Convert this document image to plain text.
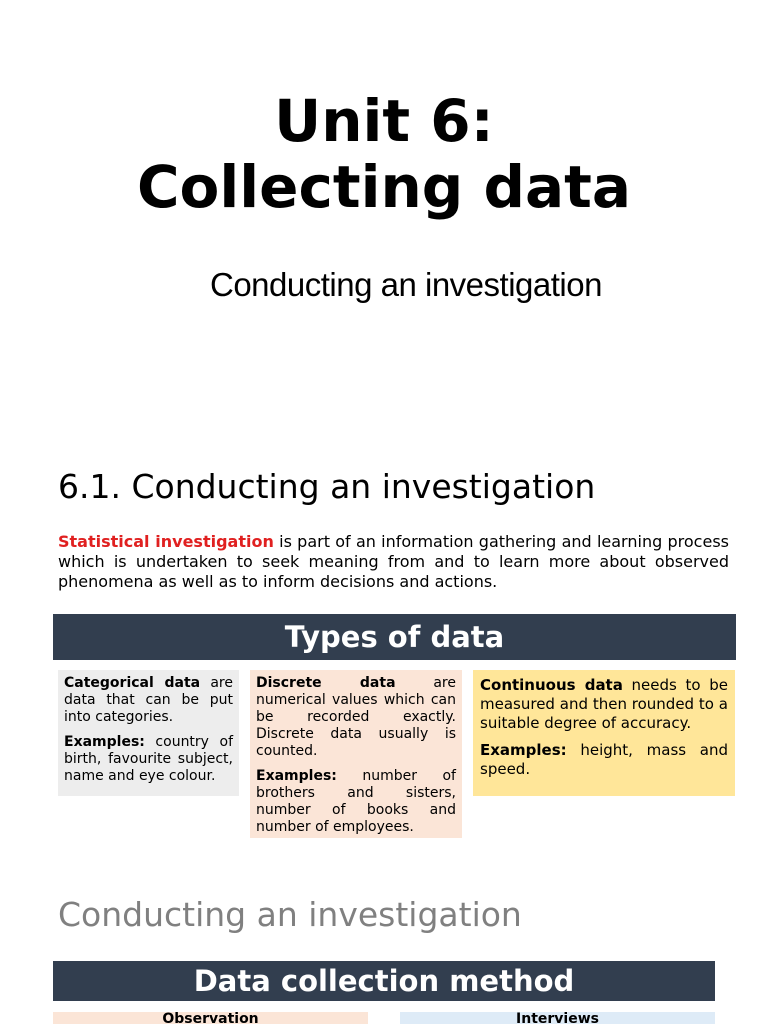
Unit 6:
Collecting data
Conducting an investigation
6.1. Conducting an investigation

Statistical investigation is part of an information gathering and learning process which is undertaken to seek meaning from and to learn more about observed phenomena as well as to inform decisions and actions.

Types of data

Categorical data are data that can be put into categories.

Examples: country of birth, favourite subject, name and eye colour.

Discrete data are numerical values which can be recorded exactly. Discrete data usually is counted.

Examples: number of brothers and sisters, number of books and number of employees.

Continuous data needs to be measured and then rounded to a suitable degree of accuracy.

Examples: height, mass and speed.

Conducting an investigation
Data collection method
Observation	Interviews
